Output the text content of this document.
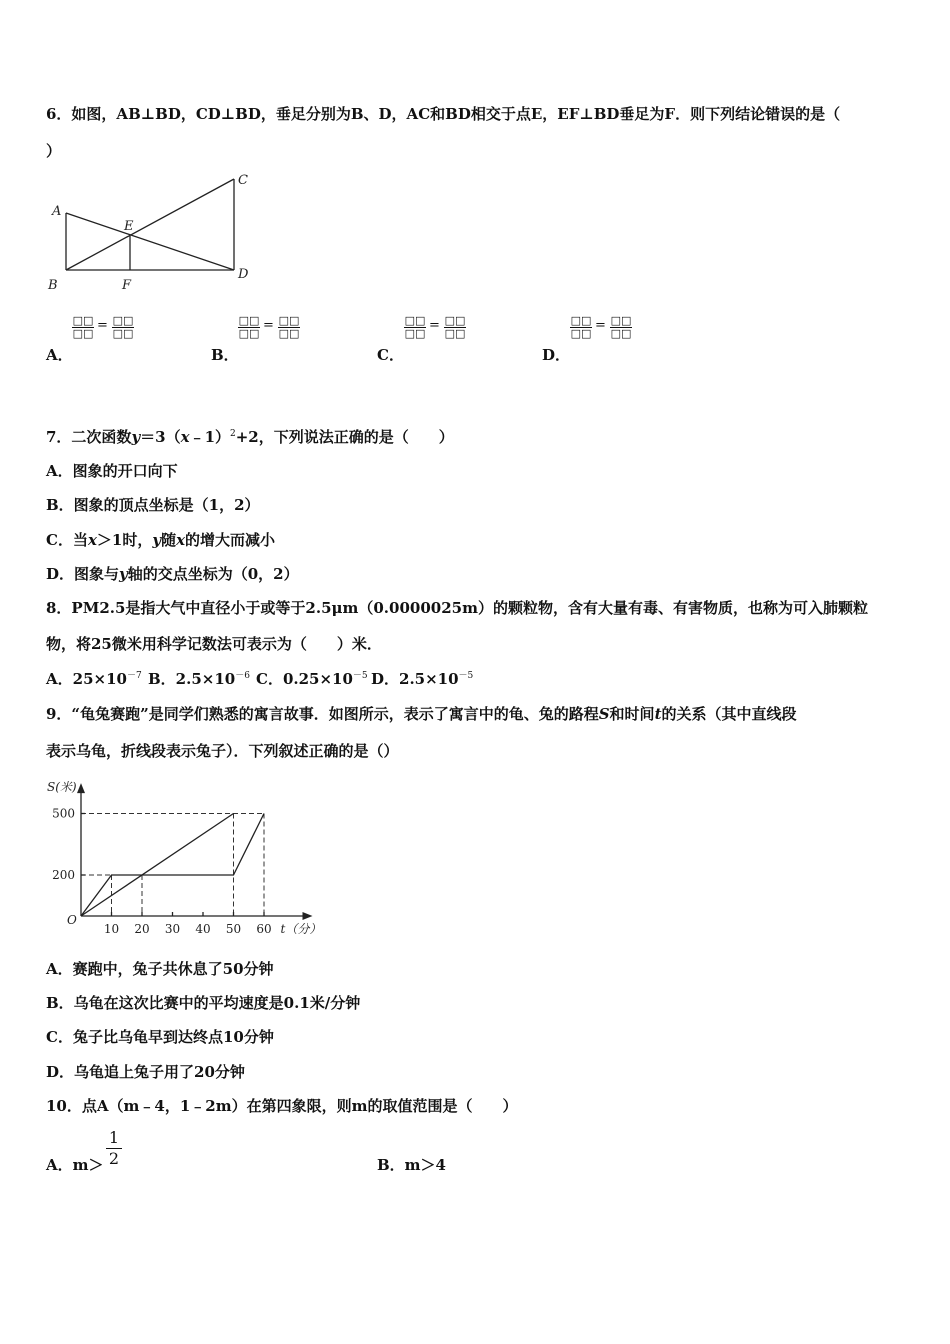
6．如图，AB⊥BD，CD⊥BD，垂足分别为B、D，AC和BD相交于点E，EF⊥BD垂足为F．则下列结论错误的是（
）
A
B
C
D
E
F
A．
□□
□□
= □□
□□
B．
□□
□□
= □□
□□
C．
□□
□□
= □□
□□
D．
□□
□□
= □□
□□
7．二次函数y＝3（x﹣1）$^2$+2，下列说法正确的是（　　）
A．图象的开口向下
B．图象的顶点坐标是（1，2）
C．当x＞1时，y随x的增大而减小
D．图象与y轴的交点坐标为（0，2）
8．PM2.5是指大气中直径小于或等于2.5μm（0.0000025m）的颗粒物，含有大量有毒、有害物质，也称为可入肺颗粒
物，将25微米用科学记数法可表示为（　　）米．
A．$25\times 10^{-7}$ B．$2.5\times 10^{-6}$ C．$0.25\times 10^{-5}$ D．$2.5\times 10^{-5}$
9．“龟兔赛跑”是同学们熟悉的寓言故事．如图所示，表示了寓言中的龟、兔的路程S和时间t的关系（其中直线段
表示乌龟，折线段表示兔子）．下列叙述正确的是（）
10 20 30 40 50 60
200
500
S(米)
t（分）
O
A．赛跑中，兔子共休息了50分钟
B．乌龟在这次比赛中的平均速度是0.1米/分钟
C．兔子比乌龟早到达终点10分钟
D．乌龟追上兔子用了20分钟
10．点A（m﹣4，1﹣2m）在第四象限，则m的取值范围是（　　）
A．m＞
1
2	B．m＞4
